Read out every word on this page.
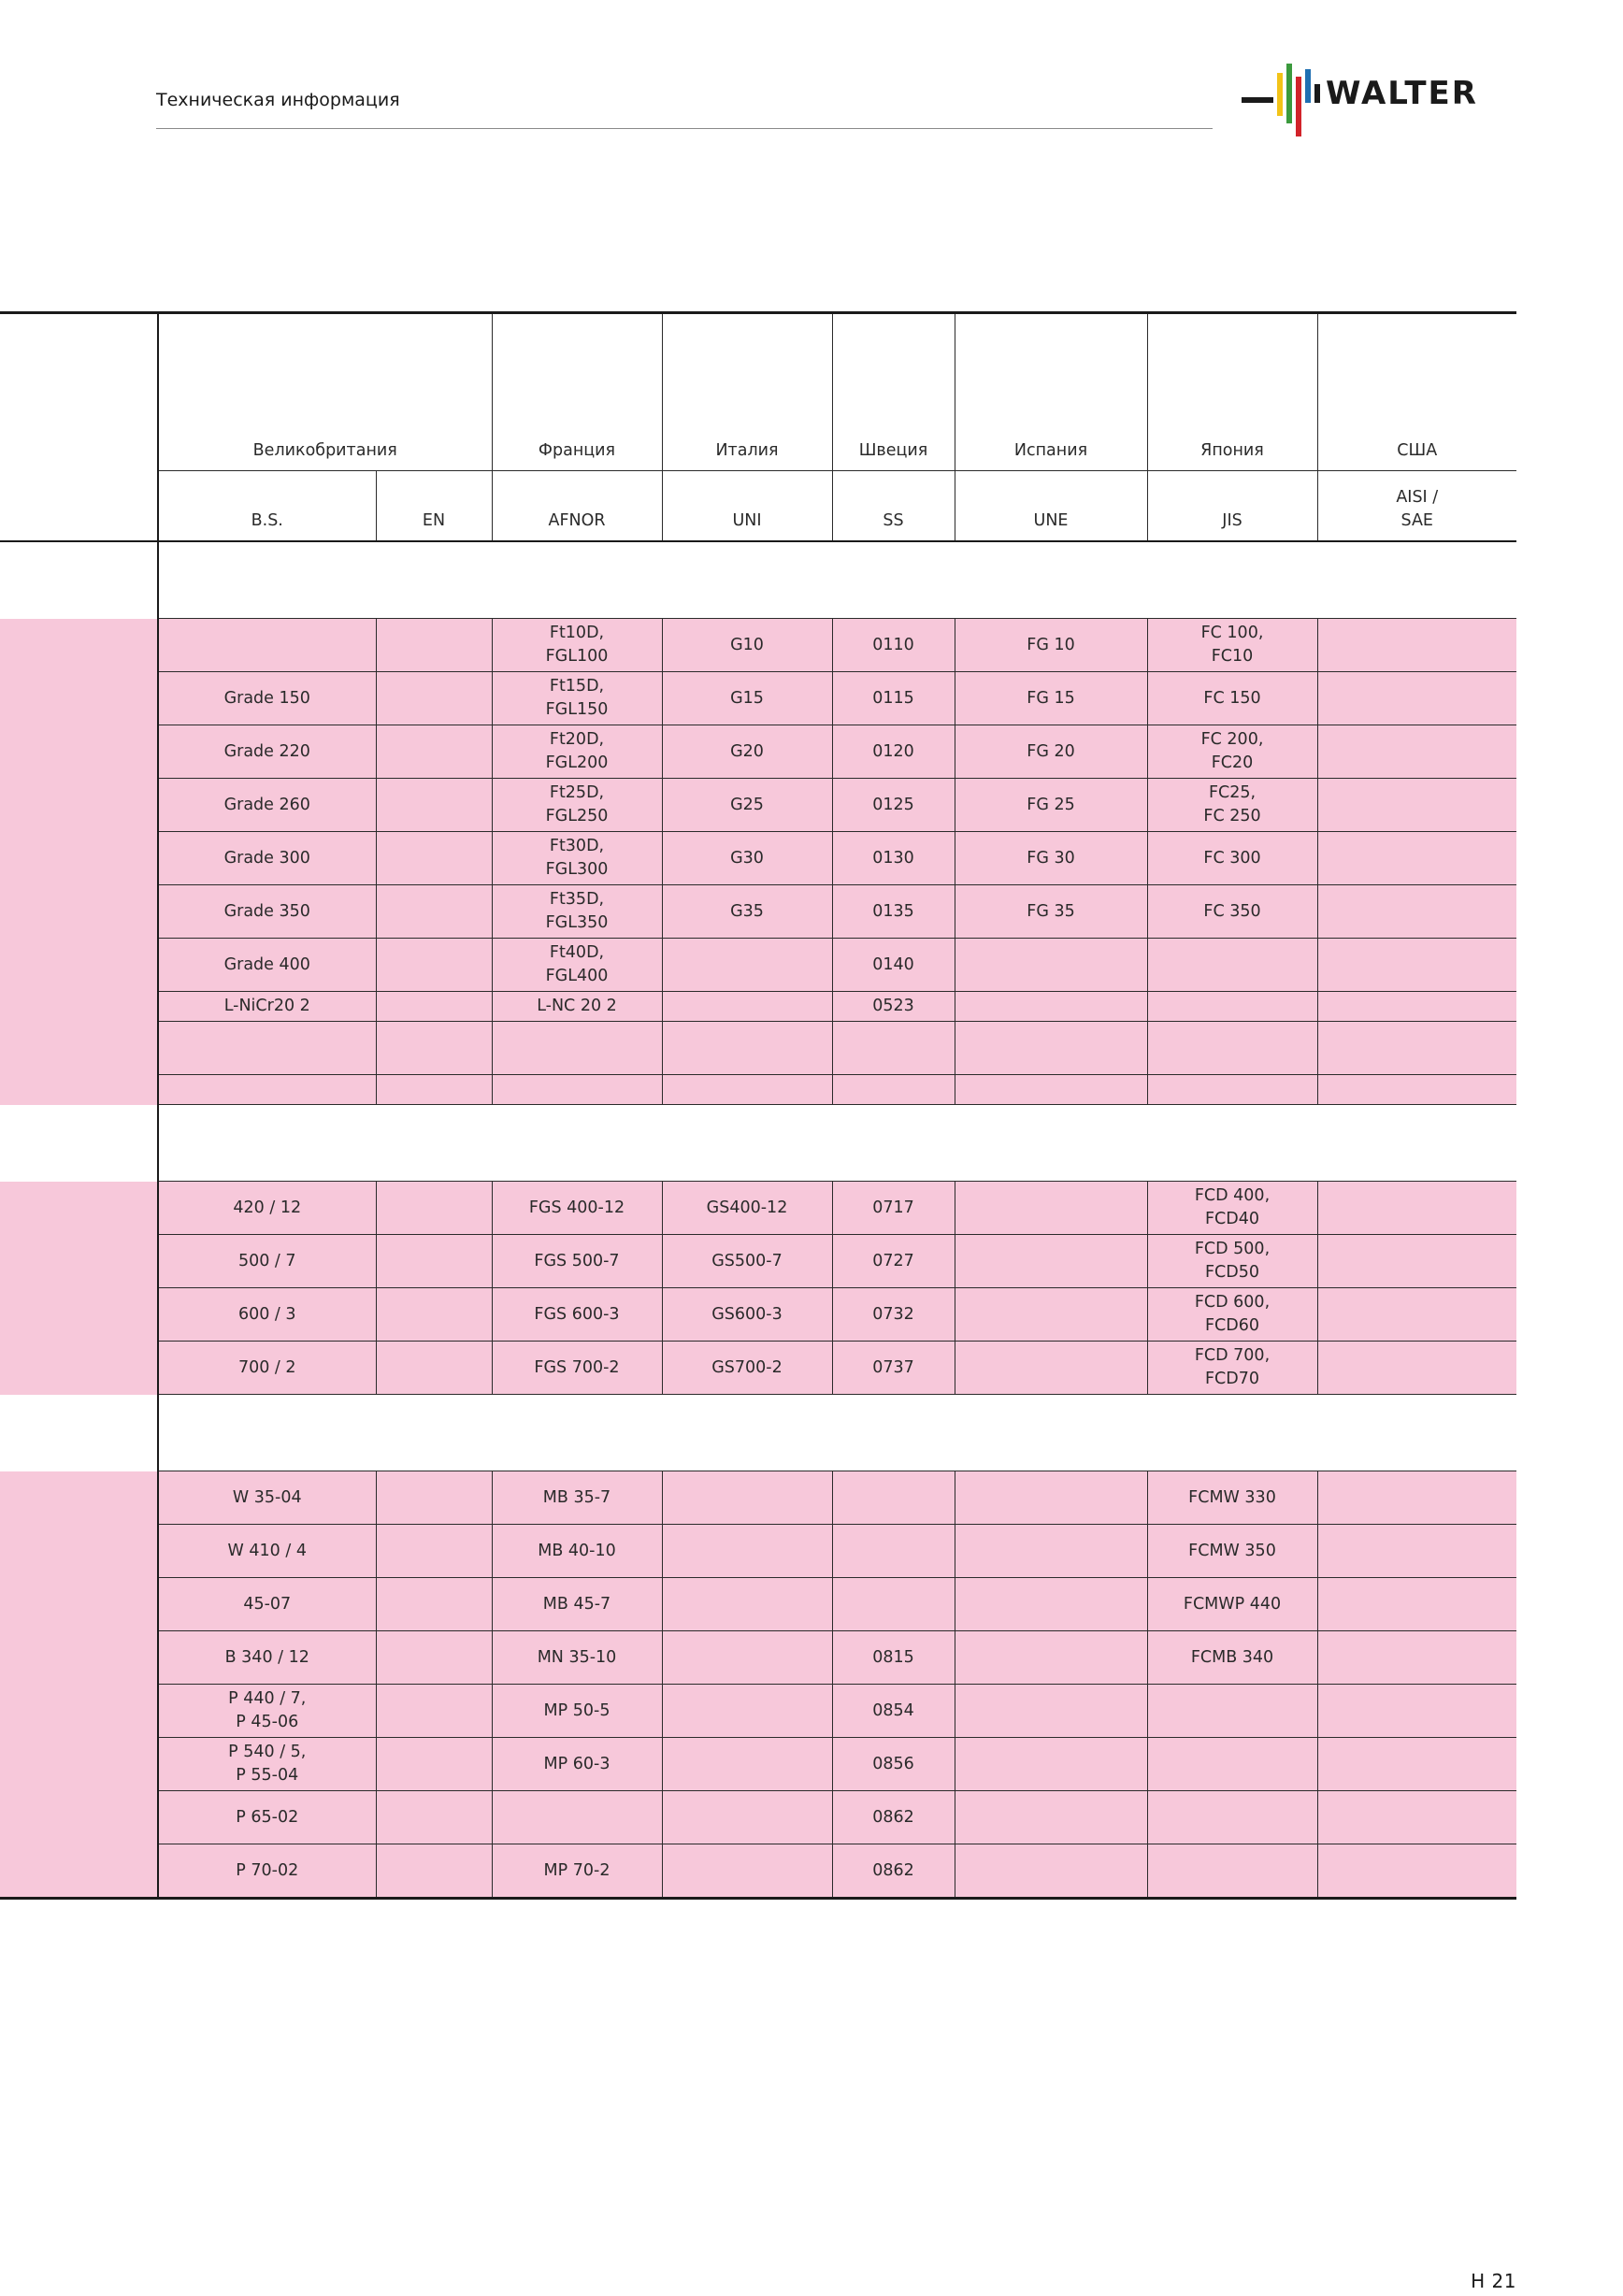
Техническая информация	WALTER
	Великобритания		Франция	Италия	Швеция	Испания	Япония	США
	B.S.	EN	AFNOR	UNI	SS	UNE	JIS	AISI /
SAE

			Ft10D,
FGL100	G10	0110	FG 10	FC 100,
FC10	

	Grade 150		Ft15D,
FGL150	G15	0115	FG 15	FC 150	

	Grade 220		Ft20D,
FGL200	G20	0120	FG 20	FC 200,
FC20	

	Grade 260		Ft25D,
FGL250	G25	0125	FG 25	FC25,
FC 250	

	Grade 300		Ft30D,
FGL300	G30	0130	FG 30	FC 300	

	Grade 350		Ft35D,
FGL350	G35	0135	FG 35	FC 350	

	Grade 400		Ft40D,
FGL400		0140			

	L-NiCr20 2		L-NC 20 2		0523			

	420 / 12		FGS 400-12	GS400-12	0717		FCD 400,
FCD40	

	500 / 7		FGS 500-7	GS500-7	0727		FCD 500,
FCD50	

	600 / 3		FGS 600-3	GS600-3	0732		FCD 600,
FCD60	

	700 / 2		FGS 700-2	GS700-2	0737		FCD 700,
FCD70	

	W 35-04		MB 35-7				FCMW 330	

	W 410 / 4		MB 40-10				FCMW 350	

	45-07		MB 45-7				FCMWP 440	

	B 340 / 12		MN 35-10		0815		FCMB 340	

	P 440 / 7,
P 45-06		MP 50-5		0854			

	P 540 / 5,
P 55-04		MP 60-3		0856			

	P 65-02				0862			

	P 70-02		MP 70-2		0862			

H 21
